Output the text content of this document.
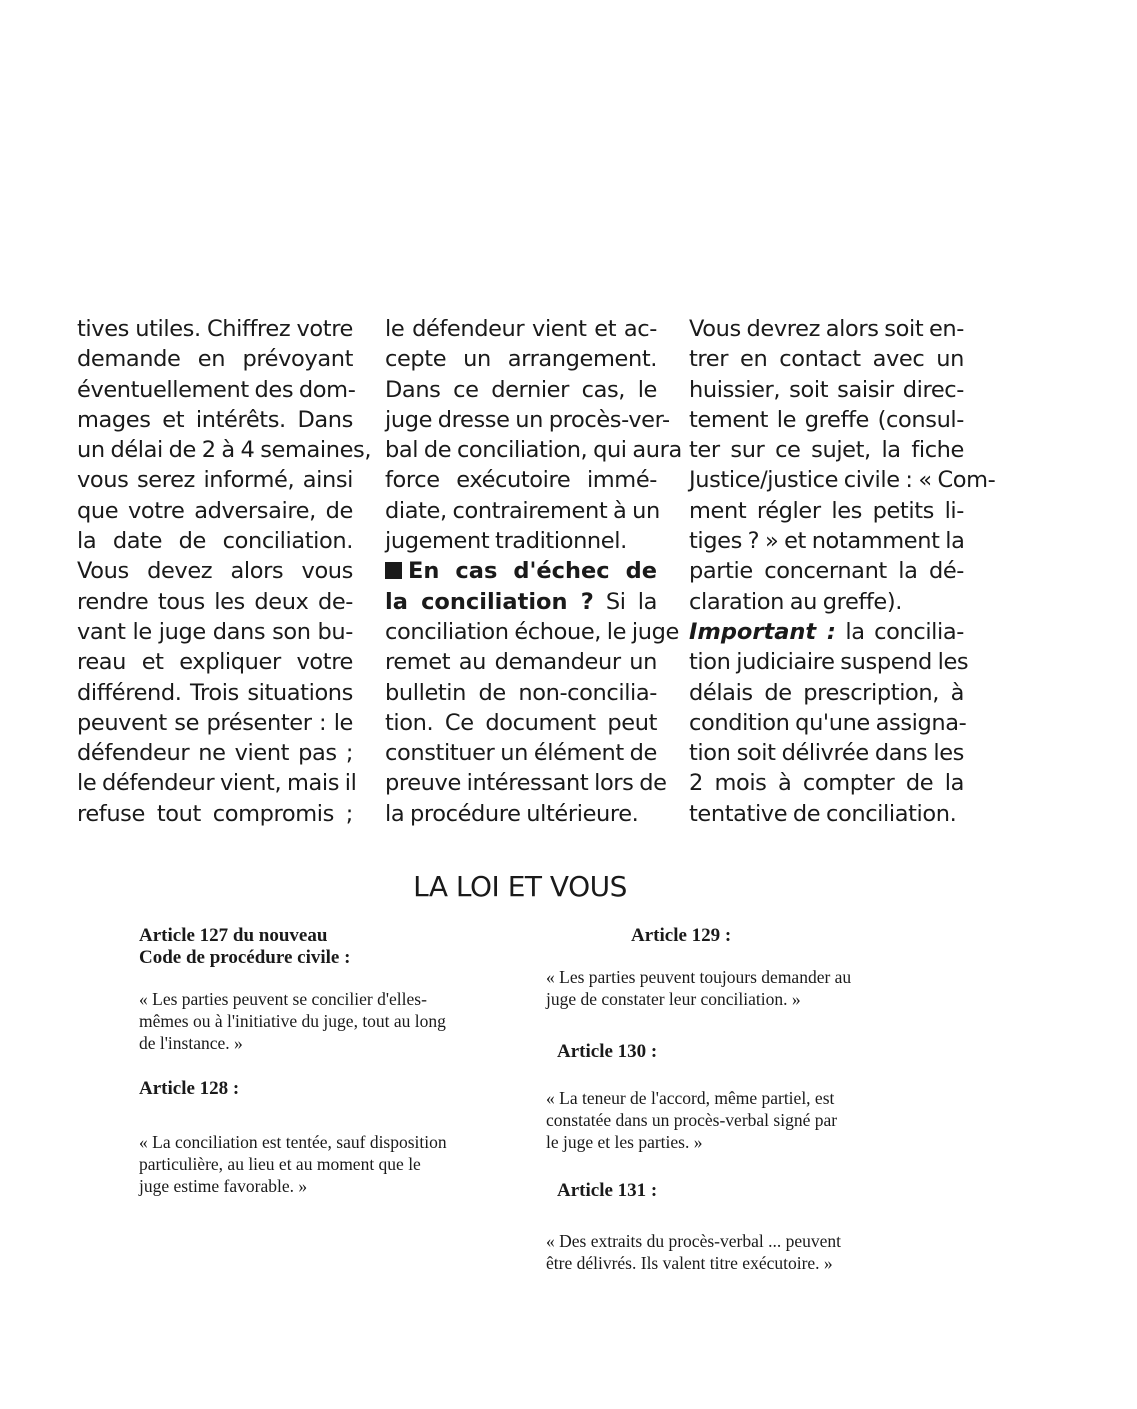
tives utiles. Chiffrez votre
demande en prévoyant
éventuellement des dom-
mages et intérêts. Dans
un délai de 2 à 4 semaines,
vous serez informé, ainsi
que votre adversaire, de
la date de conciliation.
Vous devez alors vous
rendre tous les deux de-
vant le juge dans son bu-
reau et expliquer votre
différend. Trois situations
peuvent se présenter : le
défendeur ne vient pas ;
le défendeur vient, mais il
refuse tout compromis ;
le défendeur vient et ac-
cepte un arrangement.
Dans ce dernier cas, le
juge dresse un procès-ver-
bal de conciliation, qui aura
force exécutoire immé-
diate, contrairement à un
jugement traditionnel.
En cas d'échec de
la conciliation ? Si la
conciliation échoue, le juge
remet au demandeur un
bulletin de non-concilia-
tion. Ce document peut
constituer un élément de
preuve intéressant lors de
la procédure ultérieure.
Vous devrez alors soit en-
trer en contact avec un
huissier, soit saisir direc-
tement le greffe (consul-
ter sur ce sujet, la fiche
Justice/justice civile : « Com-
ment régler les petits li-
tiges ? » et notamment la
partie concernant la dé-
claration au greffe).
Important : la concilia-
tion judiciaire suspend les
délais de prescription, à
condition qu'une assigna-
tion soit délivrée dans les
2 mois à compter de la
tentative de conciliation.
LA LOI ET VOUS
Article 127 du nouveau
Code de procédure civile :
« Les parties peuvent se concilier d'elles-
mêmes ou à l'initiative du juge, tout au long
de l'instance. »
Article 128 :
« La conciliation est tentée, sauf disposition
particulière, au lieu et au moment que le
juge estime favorable. »
Article 129 :
« Les parties peuvent toujours demander au
juge de constater leur conciliation. »
Article 130 :
« La teneur de l'accord, même partiel, est
constatée dans un procès-verbal signé par
le juge et les parties. »
Article 131 :
« Des extraits du procès-verbal ... peuvent
être délivrés. Ils valent titre exécutoire. »
